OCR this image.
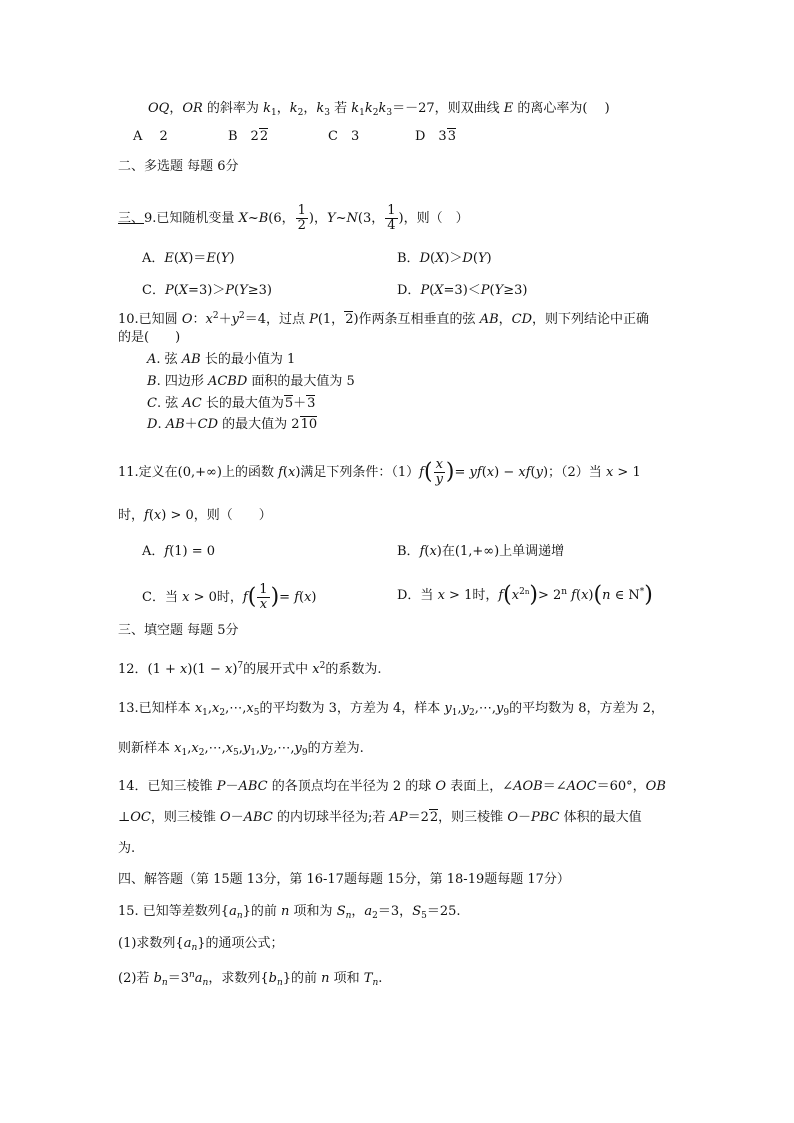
OQ，OR 的斜率为 $k_1$，$k_2$，$k_3$ 若 $k_1k_2k_3=-27$，则双曲线 E 的离心率为(　 )
A　 2	B　22	C　3	D　33
二、多选题 每题 6分
三、9.已知随机变量 X~B(6， $\frac{1}{2}$ )，Y~N(3， $\frac{1}{4}$ )，则（　）
A．E(X)＝E(Y)	B．D(X)＞D(Y)
C．P(X=3)＞P(Y≥3)	D．P(X=3)＜P(Y≥3)
10.已知圆 O：$x^2+y^2=4$，过点 P(1，2)作两条互相垂直的弦 AB，CD，则下列结论中正确
的是(　　)
A. 弦 AB 长的最小值为 1
B. 四边形 ACBD 面积的最大值为 5
C. 弦 AC 长的最大值为5＋3
D. AB＋CD 的最大值为 210
11.定义在(0,+∞)上的函数 f(x)满足下列条件：$(1)f( \frac{x}{y}$ )= yf(x) − xf(y)；（2）当 x > 1
时，f(x) > 0，则（　　）
A．f(1) = 0	B．f(x)在(1,+∞)上单调递增
C．当 x > 0时，$f( \frac{1}{x}$ )= f(x)	D．当 x > 1时，$f(x^{2n})> 2^n$ f(x)(n ∈ N*)
三、填空题 每题 5分
12．$(1 + x)(1 - x)^7$的展开式中 $x^2$的系数为.
13.已知样本 $x_1,x_2,\cdots,x_5$的平均数为 3，方差为 4，样本 $y_1,y_2,\cdots,y_9$的平均数为 8，方差为 2，
则新样本 $x_1,x_2,\cdots,x_5,y_1,y_2,\cdots,y_9$的方差为.
14．已知三棱锥 P－ABC 的各顶点均在半径为 2 的球 O 表面上，∠AOB＝∠AOC＝60°，OB
⊥OC，则三棱锥 O－ABC 的内切球半径为;若 AP＝22，则三棱锥 O－PBC 体积的最大值
为.
四、解答题（第 15题 13分，第 16-17题每题 15分，第 18-19题每题 17分）
15. 已知等差数列$\{a_n\}$的前 n 项和为 $S_n$，$a_2=3$，$S_5=25$.
(1)求数列$\{a_n\}$的通项公式；
(2)若 $b_n=3^na_n$，求数列$\{b_n\}$的前 n 项和 $T_n$.
